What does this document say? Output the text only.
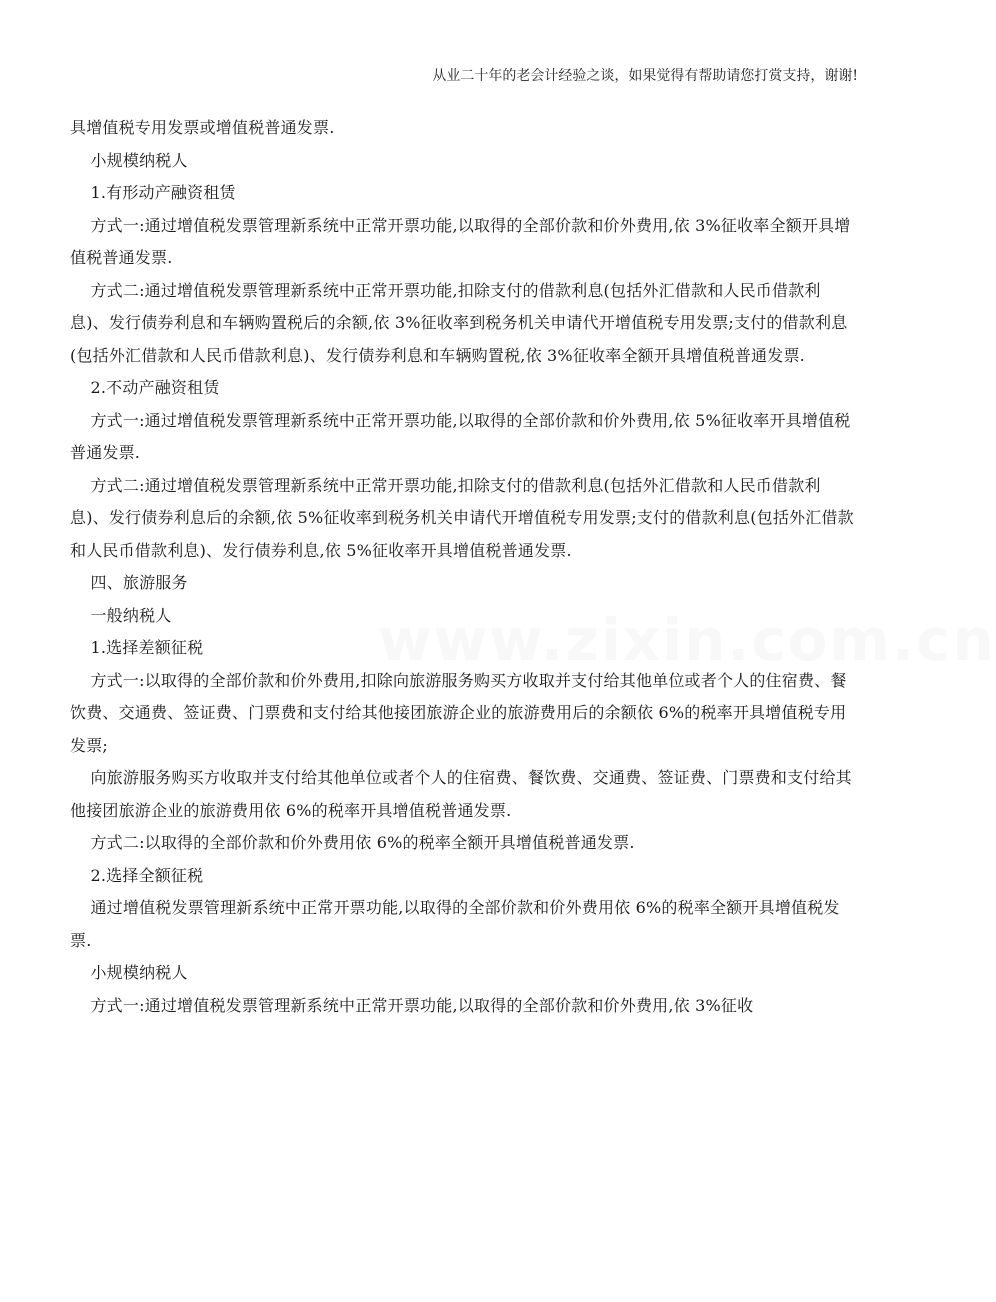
从业二十年的老会计经验之谈，如果觉得有帮助请您打赏支持，谢谢!
www.zixin.com.cn

具增值税专用发票或增值税普通发票.

小规模纳税人

1.有形动产融资租赁

方式一:通过增值税发票管理新系统中正常开票功能,以取得的全部价款和价外费用,依 3%征收率全额开具增值税普通发票.

方式二:通过增值税发票管理新系统中正常开票功能,扣除支付的借款利息(包括外汇借款和人民币借款利息)、发行债券利息和车辆购置税后的余额,依 3%征收率到税务机关申请代开增值税专用发票;支付的借款利息(包括外汇借款和人民币借款利息)、发行债券利息和车辆购置税,依 3%征收率全额开具增值税普通发票.

2.不动产融资租赁

方式一:通过增值税发票管理新系统中正常开票功能,以取得的全部价款和价外费用,依 5%征收率开具增值税普通发票.

方式二:通过增值税发票管理新系统中正常开票功能,扣除支付的借款利息(包括外汇借款和人民币借款利息)、发行债券利息后的余额,依 5%征收率到税务机关申请代开增值税专用发票;支付的借款利息(包括外汇借款和人民币借款利息)、发行债券利息,依 5%征收率开具增值税普通发票.

四、旅游服务

一般纳税人

1.选择差额征税

方式一:以取得的全部价款和价外费用,扣除向旅游服务购买方收取并支付给其他单位或者个人的住宿费、餐饮费、交通费、签证费、门票费和支付给其他接团旅游企业的旅游费用后的余额依 6%的税率开具增值税专用发票;

向旅游服务购买方收取并支付给其他单位或者个人的住宿费、餐饮费、交通费、签证费、门票费和支付给其他接团旅游企业的旅游费用依 6%的税率开具增值税普通发票.

方式二:以取得的全部价款和价外费用依 6%的税率全额开具增值税普通发票.

2.选择全额征税

通过增值税发票管理新系统中正常开票功能,以取得的全部价款和价外费用依 6%的税率全额开具增值税发票.

小规模纳税人

方式一:通过增值税发票管理新系统中正常开票功能,以取得的全部价款和价外费用,依 3%征收
